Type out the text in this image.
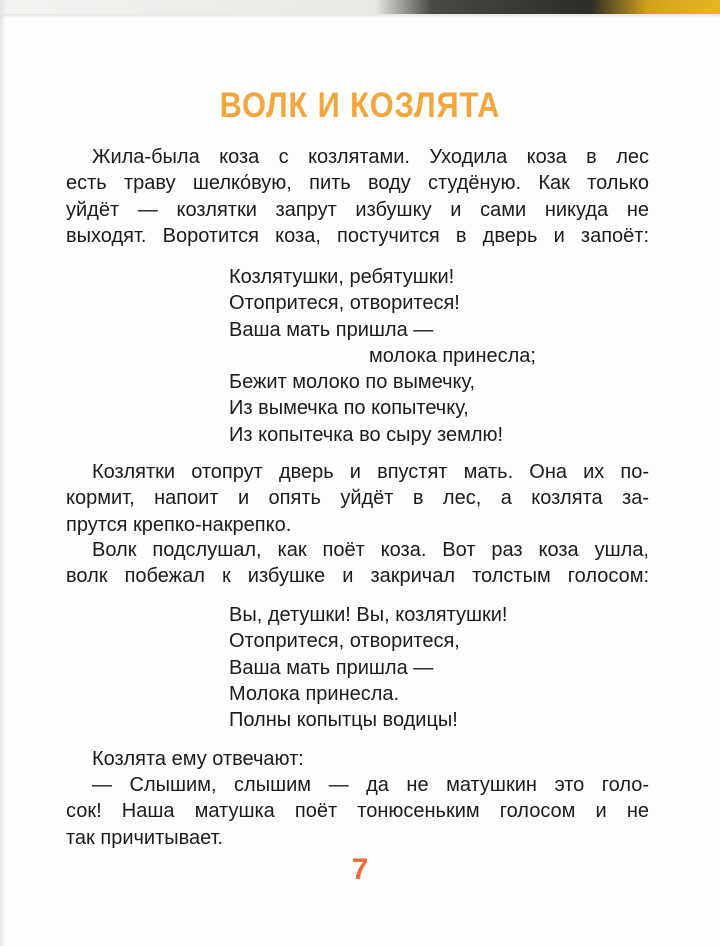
ВОЛК И КОЗЛЯТА

Жила-была коза с козлятами. Уходила коза в лес
есть траву шелко́вую, пить воду студёную. Как только
уйдёт — козлятки запрут избушку и сами никуда не
выходят. Воротится коза, постучится в дверь и запоёт:

Козлятушки, ребятушки!
Отопритеся, отворитеся!
Ваша мать пришла —
молока принесла;
Бежит молоко по вымечку,
Из вымечка по копытечку,
Из копытечка во сыру землю!

Козлятки отопрут дверь и впустят мать. Она их по-
кормит, напоит и опять уйдёт в лес, а козлята за-
прутся крепко-накрепко.

Волк подслушал, как поёт коза. Вот раз коза ушла,
волк побежал к избушке и закричал толстым голосом:

Вы, детушки! Вы, козлятушки!
Отопритеся, отворитеся,
Ваша мать пришла —
Молока принесла.
Полны копытцы водицы!

Козлята ему отвечают:

— Слышим, слышим — да не матушкин это голо-
сок! Наша матушка поёт тонюсеньким голосом и не
так причитывает.

7
